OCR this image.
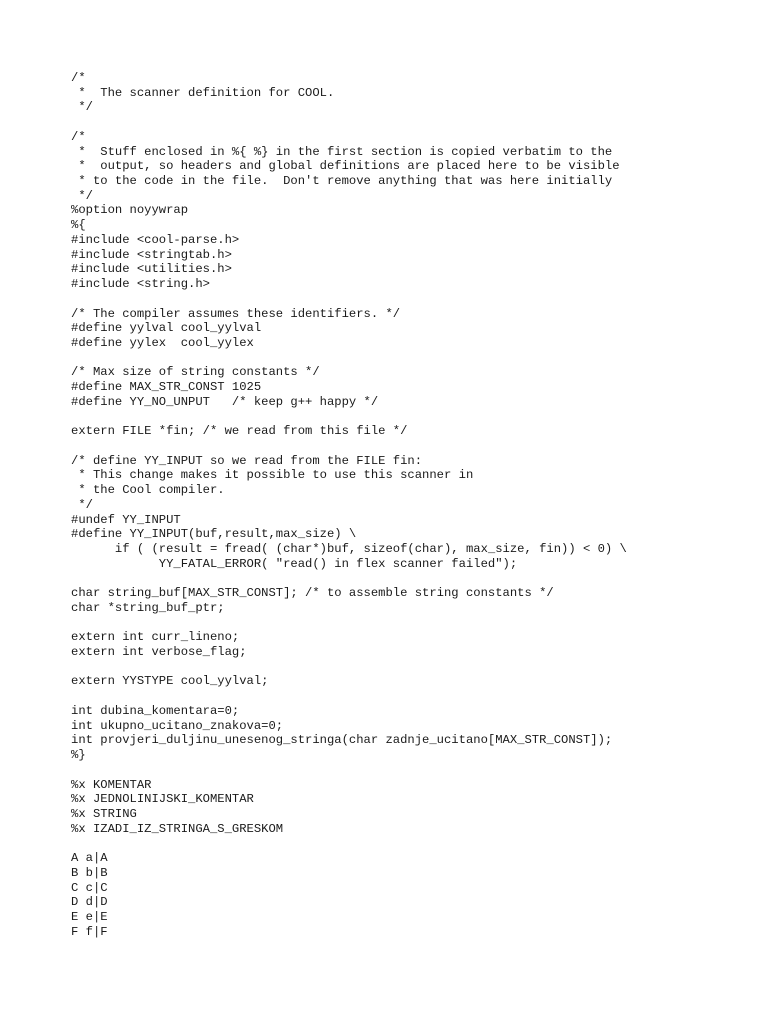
/*
*  The scanner definition for COOL.
*/
/*
*  Stuff enclosed in %{ %} in the first section is copied verbatim to the
*  output, so headers and global definitions are placed here to be visible
* to the code in the file.  Don't remove anything that was here initially
*/
%option noyywrap
%{
#include <cool-parse.h>
#include <stringtab.h>
#include <utilities.h>
#include <string.h>
/* The compiler assumes these identifiers. */
#define yylval cool_yylval
#define yylex  cool_yylex
/* Max size of string constants */
#define MAX_STR_CONST 1025
#define YY_NO_UNPUT   /* keep g++ happy */
extern FILE *fin; /* we read from this file */
/* define YY_INPUT so we read from the FILE fin:
* This change makes it possible to use this scanner in
* the Cool compiler.
*/
#undef YY_INPUT
#define YY_INPUT(buf,result,max_size) \
if ( (result = fread( (char*)buf, sizeof(char), max_size, fin)) < 0) \
YY_FATAL_ERROR( "read() in flex scanner failed");
char string_buf[MAX_STR_CONST]; /* to assemble string constants */
char *string_buf_ptr;
extern int curr_lineno;
extern int verbose_flag;
extern YYSTYPE cool_yylval;
int dubina_komentara=0;
int ukupno_ucitano_znakova=0;
int provjeri_duljinu_unesenog_stringa(char zadnje_ucitano[MAX_STR_CONST]);
%}
%x KOMENTAR
%x JEDNOLINIJSKI_KOMENTAR
%x STRING
%x IZADI_IZ_STRINGA_S_GRESKOM
A a|A
B b|B
C c|C
D d|D
E e|E
F f|F
